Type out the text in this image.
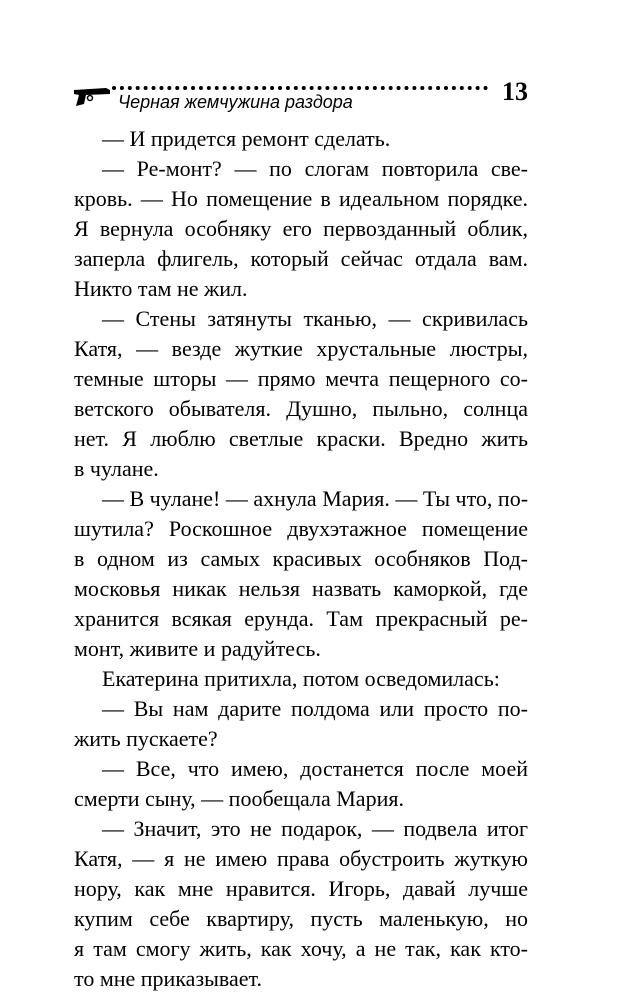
Черная жемчужина раздора	13
— И придется ремонт сделать.
— Ре-монт? — по слогам повторила све-
кровь. — Но помещение в идеальном порядке.
Я вернула особняку его первозданный облик,
заперла флигель, который сейчас отдала вам.
Никто там не жил.
— Стены затянуты тканью, — скривилась
Катя, — везде жуткие хрустальные люстры,
темные шторы — прямо мечта пещерного со-
ветского обывателя. Душно, пыльно, солнца
нет. Я люблю светлые краски. Вредно жить
в чулане.
— В чулане! — ахнула Мария. — Ты что, по-
шутила? Роскошное двухэтажное помещение
в одном из самых красивых особняков Под-
московья никак нельзя назвать каморкой, где
хранится всякая ерунда. Там прекрасный ре-
монт, живите и радуйтесь.
Екатерина притихла, потом осведомилась:
— Вы нам дарите полдома или просто по-
жить пускаете?
— Все, что имею, достанется после моей
смерти сыну, — пообещала Мария.
— Значит, это не подарок, — подвела итог
Катя, — я не имею права обустроить жуткую
нору, как мне нравится. Игорь, давай лучше
купим себе квартиру, пусть маленькую, но
я там смогу жить, как хочу, а не так, как кто-
то мне приказывает.
